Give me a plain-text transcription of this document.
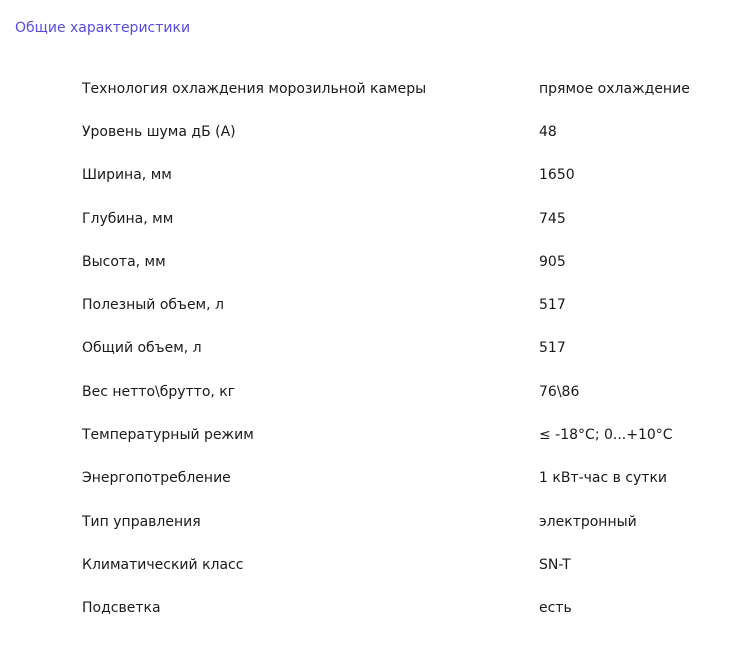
Общие характеристики
Технология охлаждения морозильной камеры	прямое охлаждение
Уровень шума дБ (А)	48
Ширина, мм	1650
Глубина, мм	745
Высота, мм	905
Полезный объем, л	517
Общий объем, л	517
Вес нетто\брутто, кг	76\86
Температурный режим	≤ -18°C; 0...+10°C
Энергопотребление	1 кВт-час в сутки
Тип управления	электронный
Климатический класс	SN-T
Подсветка	есть
